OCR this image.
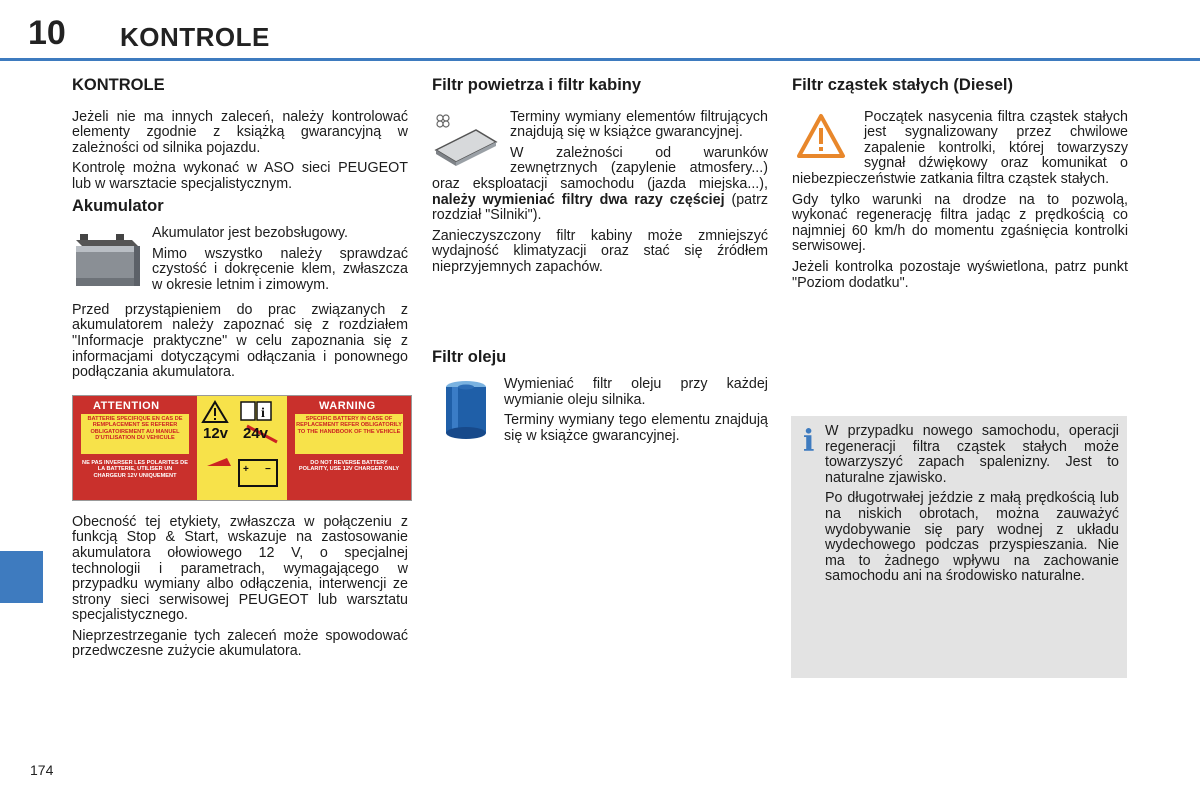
10 KONTROLE
174
KONTROLE

Jeżeli nie ma innych zaleceń, należy kontrolować elementy zgodnie z książką gwarancyjną w zależności od silnika pojazdu.

Kontrolę można wykonać w ASO sieci PEUGEOT lub w warsztacie specjalistycznym.

Akumulator

Akumulator jest bezobsługowy.

Mimo wszystko należy sprawdzać czystość i dokręcenie klem, zwłaszcza w okresie letnim i zimowym.

Przed przystąpieniem do prac związanych z akumulatorem należy zapoznać się z rozdziałem "Informacje praktyczne" w celu zapoznania się z informacjami dotyczącymi odłączania i ponownego podłączania akumulatora.

ATTENTION	WARNING
BATTERIE SPECIFIQUE EN CAS DE REMPLACEMENT SE REFERER OBLIGATOIREMENT AU MANUEL D'UTILISATION DU VEHICULE
SPECIFIC BATTERY IN CASE OF REPLACEMENT REFER OBLIGATORILY TO THE HANDBOOK OF THE VEHICLE
NE PAS INVERSER LES POLARITES DE LA BATTERIE, UTILISER UN CHARGEUR 12V UNIQUEMENT
DO NOT REVERSE BATTERY POLARITY, USE 12V CHARGER ONLY
i
+ −
12v 24v

Obecność tej etykiety, zwłaszcza w połączeniu z funkcją Stop & Start, wskazuje na zastosowanie akumulatora ołowiowego 12 V, o specjalnej technologii i parametrach, wymagającego w przypadku wymiany albo odłączenia, interwencji ze strony sieci serwisowej PEUGEOT lub warsztatu specjalistycznego.

Nieprzestrzeganie tych zaleceń może spowodować przedwczesne zużycie akumulatora.

Filtr powietrza i filtr kabiny

Terminy wymiany elementów filtrujących znajdują się w książce gwarancyjnej.

W zależności od warunków zewnętrznych (zapylenie atmosfery...) oraz eksploatacji samochodu (jazda miejska...), należy wymieniać filtry dwa razy częściej (patrz rozdział "Silniki").

Zanieczyszczony filtr kabiny może zmniejszyć wydajność klimatyzacji oraz stać się źródłem nieprzyjemnych zapachów.

Filtr oleju

Wymieniać filtr oleju przy każdej wymianie oleju silnika.

Terminy wymiany tego elementu znajdują się w książce gwarancyjnej.

Filtr cząstek stałych (Diesel)

Początek nasycenia filtra cząstek stałych jest sygnalizowany przez chwilowe zapalenie kontrolki, której towarzyszy sygnał dźwiękowy oraz komunikat o niebezpieczeństwie zatkania filtra cząstek stałych.

Gdy tylko warunki na drodze na to pozwolą, wykonać regenerację filtra jadąc z prędkością co najmniej 60 km/h do momentu zgaśnięcia kontrolki serwisowej.

Jeżeli kontrolka pozostaje wyświetlona, patrz punkt "Poziom dodatku".

i W przypadku nowego samochodu, operacji regeneracji filtra cząstek stałych może towarzyszyć zapach spalenizny. Jest to naturalne zjawisko.

Po długotrwałej jeździe z małą prędkością lub na niskich obrotach, można zauważyć wydobywanie się pary wodnej z układu wydechowego podczas przyspieszania. Nie ma to żadnego wpływu na zachowanie samochodu ani na środowisko naturalne.
